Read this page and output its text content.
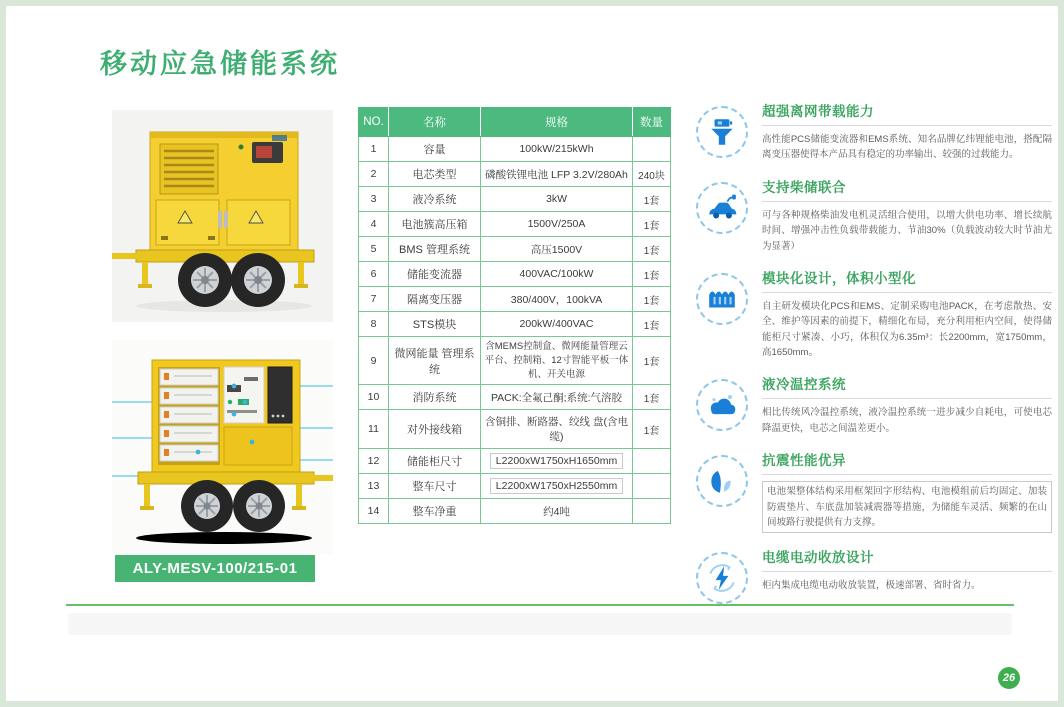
移动应急储能系统
ALY-MESV-100/215-01
NO.	名称	规格	数量
1	容量	100kW/215kWh	
2	电芯类型	磷酸铁锂电池 LFP 3.2V/280Ah	240块
3	液冷系统	3kW	1套
4	电池簇高压箱	1500V/250A	1套
5	BMS 管理系统	高压1500V	1套
6	储能变流器	400VAC/100kW	1套
7	隔离变压器	380/400V，100kVA	1套
8	STS模块	200kW/400VAC	1套
9	微网能量 管理系统	含MEMS控制盒、微网能量管理云平台、控制箱、12寸智能平板一体机、开关电源	1套
10	消防系统	PACK:全氟己酮;系统:气溶胶	1套
11	对外接线箱	含铜排、断路器、绞线 盘(含电缆)	1套
12	储能柜尺寸	L2200xW1750xH1650mm	
13	整车尺寸	L2200xW1750xH2550mm	
14	整车净重	约4吨	
超强离网带载能力
高性能PCS储能变流器和EMS系统、知名品牌亿纬锂能电池，搭配隔离变压器使得本产品具有稳定的功率输出、较强的过载能力。
支持柴储联合
可与各种规格柴油发电机灵活组合使用，以增大供电功率、增长续航时间、增强冲击性负载带载能力、节油30%（负载波动较大时节油尤为显著）
模块化设计，体积小型化
自主研发模块化PCS和EMS、定制采购电池PACK，在考虑散热、安全、维护等因素的前提下，精细化布局，充分利用柜内空间，使得储能柜尺寸紧凑、小巧，体积仅为6.35m³：长2200mm，宽1750mm，高1650mm。
液冷温控系统
相比传统风冷温控系统，液冷温控系统一进步减少自耗电，可使电芯降温更快，电芯之间温差更小。
抗震性能优异
电池架整体结构采用框架回字形结构、电池模组前后均固定、加装防震垫片、车底盘加装减震器等措施，为储能车灵活、频繁的在山间坡路行驶提供有力支撑。
电缆电动收放设计
柜内集成电缆电动收放装置，极速部署、省时省力。
26
